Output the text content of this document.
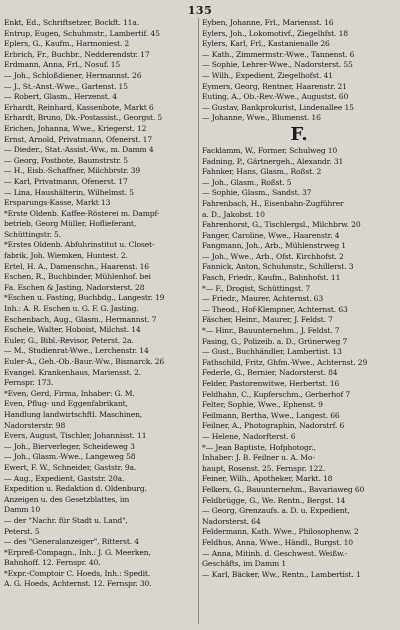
135
Enkt, Ed., Schriftsetzer, Bockft. 11a.
Entrup, Eugen, Schuhmstr., Lambertif. 45
Eplers, G., Kaufm., Harmoniest. 2
Erbrich, Fr., Buchbr., Nedderendstr. 17
Erdmann, Anna, Frl., Nosuf. 15
— Joh., Schloßdiener, Hermannst. 26
— J., St.-Anst.-Wwe., Gartenst. 15
— Robert, Glasm., Herzenst. 4
Erhardt, Reinhard, Kassenbote, Markt 6
Erhardt, Bruno, Dk.-Postassist., Georgst. 5
Erichen, Johanna, Wwe., Kriegerst. 12
Ernst, Arnold, Privatmann, Ofenerst. 17
— Dieder., Stat.-Assist.-Ww., m. Damm 4
— Georg, Postbote, Baumstrstr. 5
— H., Eisb.-Schaffner, Milchbrstr. 39
— Karl, Privatmann, Ofenerst. 17
— Lina, Haushälterin, Wilhelmst. 5
Ersparungs-Kasse, Markt 13
*Erste Oldenb. Kaffee-Rösterei m. Dampf-
betrieb, Georg Müller, Hoflieferant,
Schüttingstr. 5.
*Erstes Oldenb. Abfuhrinstitut u. Closet-
fabrik, Joh. Wiemken, Huntest. 2.
Ertel, H. A., Damenschn., Haarenst. 16
Eschen, R., Buchbinder, Mühlenhof. bei
Fa. Eschen & Jasting, Nadorsterst. 28
*Eschen u. Fasting, Buchbdg., Langestr. 19
Inh.: A. R. Eschen u. G. F. G. Jasting.
Eschenbach, Aug., Glasm., Hermannst. 7
Eschele, Walter, Hoboist, Milchst. 14
Euler, G., Bibl.-Revisor, Peterst. 2a.
— M., Studienrat-Wwe., Lerchenstr. 14
Euler-A., Geh.-Ob.-Baur.-Ww., Bismarck. 26
Evangel. Krankenhaus, Mariensst. 2.
Fernspr. 173.
*Even, Gerd, Firma, Inhaber: G. M.
Even, Pflug- und Eggenfabrikant,
Handlung landwirtschftl. Maschinen,
Nadorsterstr. 98
Evers, August, Tischler, Johannisst. 11
— Joh., Bierverleger, Scheideweg 3
— Joh., Glasm.-Wwe., Langeweg 58
Ewert, F. W., Schneider, Gaststr. 9a.
— Aug., Expedient, Gaststr. 20a.
Expedition u. Redaktion d. Oldenburg.
Anzeigen u. des Gesetzblattes, im
Damm 10
— der "Nachr. für Stadt u. Land",
Peterst. 5
— des "Generalanzeiger", Ritterst. 4
*Erpreß-Compagn., Inh.: J. G. Meerken,
Bahnhoff. 12. Fernspr. 40.
*Expr.-Comptoir C. Hoeds, Inh.: Spedit.
A. G. Hoeds, Achternst. 12. Fernspr. 30.
Eyben, Johanne, Frl., Mariensst. 16
Eylers, Joh., Lokomotivf., Ziegelhfst. 18
Eylers, Karl, Frl., Kastanienalle 26
— Kath., Zimmermstr.-Wwe., Tannenst. 6
— Sophie, Lehrer-Wwe., Nadorsterst. 55
— Wilh., Expedient, Ziegelhofst. 41
Eymers, Georg, Rentner, Haarenstr. 21
Euting, A., Ob.-Rev.-Wwe., Augustst. 60
— Gustav, Bankprokurist, Lindenallee 15
— Johanne, Wwe., Blumenst. 16
F.
Facklamm, W., Former, Schulweg 10
Fadning, P., Gärtnergeh., Alexandr. 31
Fahnker, Hans, Glasm., Roßst. 2
— Joh., Glasm., Roßst. 5
— Sophie, Glasm., Sandst. 37
Fahrenbach, H., Eisenbahn-Zugführer
a. D., Jakobst. 10
Fahrenhorst, G., Tischlergsl., Milchbrw. 20
Fanger, Caroline, Wwe., Haarenstr. 4
Fangmann, Joh., Arb., Mühlenstrweg 1
— Joh., Wwe., Arb., Ofst. Kirchhofst. 2
Fannick, Anton, Schuhmstr., Schillerst. 3
Fasch, Friedr., Kaufm., Bahnhofst. 11
*— F., Drogist, Schüttingst. 7
— Friedr., Maurer, Achternst. 63
— Theod., Hof-Klempner, Achternst. 63
Fäscher, Heinr., Maurer, J. Feldst. 7
*— Hinr., Bauunternehm., J. Feldst. 7
Fasing, G., Polizeib. a. D., Grünerweg 7
— Gust., Buchhändler, Lambertist. 13
Fathschild, Fritz, Ghfm.-Wwe., Achternst. 29
Federle, G., Bernier, Nadorsterst. 84
Felder, Pastorenwitwe, Herbertst. 16
Feldhahn, C., Kupferschm., Gerberhof 7
Felter, Sophie, Wwe., Ephenst. 9
Feilmann, Bertha, Wwe., Langest. 66
Feilner, A., Photographin, Nadorstrf. 6
— Helene, Nadorfterst. 6
*— Jean Baptiste, Hofphotogr.,
Inhaber: J. B. Feilner u. A. Mo-
haupt, Rosenst. 25. Fernspr. 122.
Feiner, Wilh., Apotheker, Markt. 18
Felkers, G., Bauunternehm., Bavariaweg 60
Feldbrügge, G., We. Rentn., Bergst. 14
— Georg, Grenzaufs. a. D. u. Expedient,
Nadorsterst. 64
Feldermann, Kath. Wwe., Philosophenw. 2
Feldhus, Anna, Wwe., Händl., Burgst. 10
— Anna, Mitinh. d. Geschwest. Weißw.-
Geschäfts, im Damm 1
— Karl, Bäcker, Ww., Rentn., Lambertist. 1
